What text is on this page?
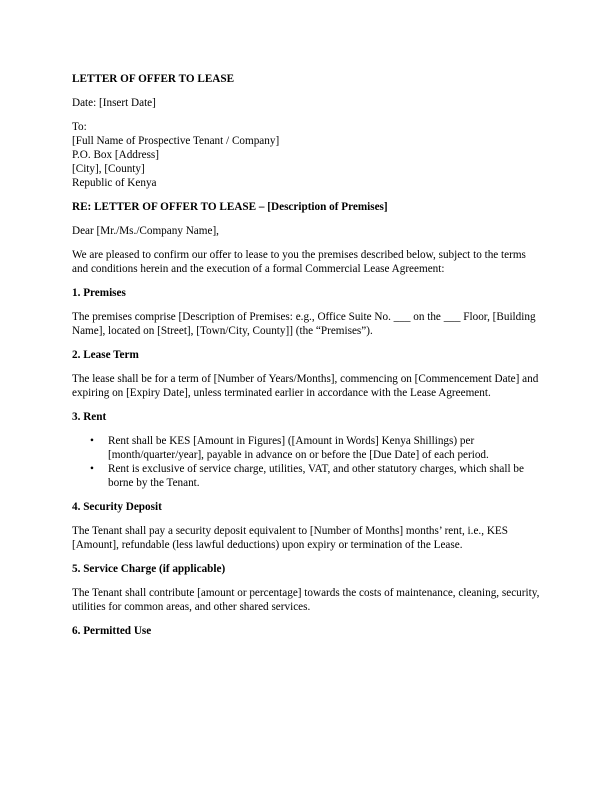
LETTER OF OFFER TO LEASE

Date: [Insert Date]

To:
[Full Name of Prospective Tenant / Company]
P.O. Box [Address]
[City], [County]
Republic of Kenya

RE: LETTER OF OFFER TO LEASE – [Description of Premises]

Dear [Mr./Ms./Company Name],

We are pleased to confirm our offer to lease to you the premises described below, subject to the terms and conditions herein and the execution of a formal Commercial Lease Agreement:

1. Premises

The premises comprise [Description of Premises: e.g., Office Suite No. ___ on the ___ Floor, [Building Name], located on [Street], [Town/City, County]] (the “Premises”).

2. Lease Term

The lease shall be for a term of [Number of Years/Months], commencing on [Commencement Date] and expiring on [Expiry Date], unless terminated earlier in accordance with the Lease Agreement.

3. Rent

• Rent shall be KES [Amount in Figures] ([Amount in Words] Kenya Shillings) per [month/quarter/year], payable in advance on or before the [Due Date] of each period.
• Rent is exclusive of service charge, utilities, VAT, and other statutory charges, which shall be borne by the Tenant.

4. Security Deposit

The Tenant shall pay a security deposit equivalent to [Number of Months] months’ rent, i.e., KES [Amount], refundable (less lawful deductions) upon expiry or termination of the Lease.

5. Service Charge (if applicable)

The Tenant shall contribute [amount or percentage] towards the costs of maintenance, cleaning, security, utilities for common areas, and other shared services.

6. Permitted Use
